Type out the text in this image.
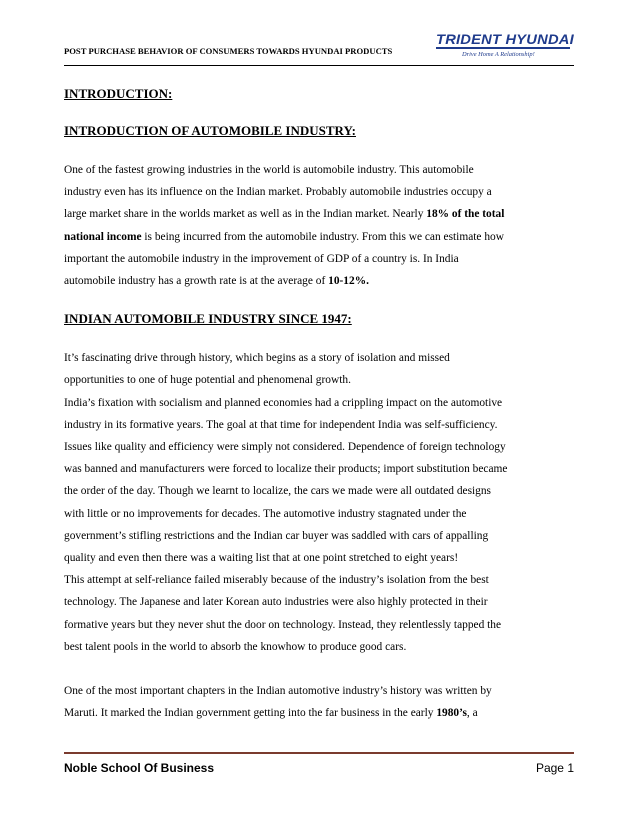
POST PURCHASE BEHAVIOR OF CONSUMERS TOWARDS HYUNDAI PRODUCTS
TRIDENT HYUNDAI
Drive Home A Relationship!
INTRODUCTION:
INTRODUCTION OF AUTOMOBILE INDUSTRY:
One of the fastest growing industries in the world is automobile industry. This automobile
industry even has its influence on the Indian market. Probably automobile industries occupy a
large market share in the worlds market as well as in the Indian market. Nearly 18% of the total
national income is being incurred from the automobile industry. From this we can estimate how
important the automobile industry in the improvement of GDP of a country is. In India
automobile industry has a growth rate is at the average of 10-12%.
INDIAN AUTOMOBILE INDUSTRY SINCE 1947:
It’s fascinating drive through history, which begins as a story of isolation and missed
opportunities to one of huge potential and phenomenal growth.
India’s fixation with socialism and planned economies had a crippling impact on the automotive
industry in its formative years. The goal at that time for independent India was self-sufficiency.
Issues like quality and efficiency were simply not considered. Dependence of foreign technology
was banned and manufacturers were forced to localize their products; import substitution became
the order of the day. Though we learnt to localize, the cars we made were all outdated designs
with little or no improvements for decades. The automotive industry stagnated under the
government’s stifling restrictions and the Indian car buyer was saddled with cars of appalling
quality and even then there was a waiting list that at one point stretched to eight years!
This attempt at self-reliance failed miserably because of the industry’s isolation from the best
technology. The Japanese and later Korean auto industries were also highly protected in their
formative years but they never shut the door on technology. Instead, they relentlessly tapped the
best talent pools in the world to absorb the knowhow to produce good cars.
One of the most important chapters in the Indian automotive industry’s history was written by
Maruti. It marked the Indian government getting into the far business in the early 1980’s, a
Noble School Of Business	Page 1
